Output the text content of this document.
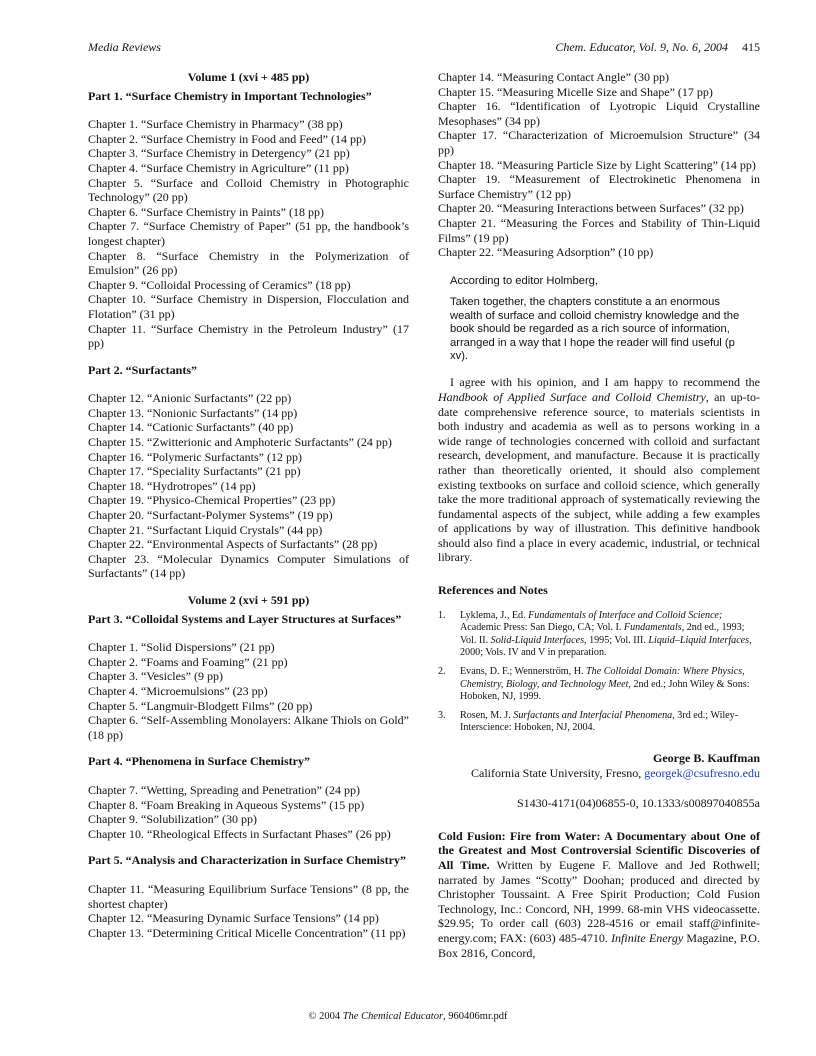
Media Reviews	Chem. Educator, Vol. 9, No. 6, 2004 415
Volume 1 (xvi + 485 pp)
Part 1. “Surface Chemistry in Important Technologies”
Chapter 1. “Surface Chemistry in Pharmacy” (38 pp)
Chapter 2. “Surface Chemistry in Food and Feed” (14 pp)
Chapter 3. “Surface Chemistry in Detergency” (21 pp)
Chapter 4. “Surface Chemistry in Agriculture” (11 pp)
Chapter 5. “Surface and Colloid Chemistry in Photographic Technology” (20 pp)
Chapter 6. “Surface Chemistry in Paints” (18 pp)
Chapter 7. “Surface Chemistry of Paper” (51 pp, the handbook’s longest chapter)
Chapter 8. “Surface Chemistry in the Polymerization of Emulsion” (26 pp)
Chapter 9. “Colloidal Processing of Ceramics” (18 pp)
Chapter 10. “Surface Chemistry in Dispersion, Flocculation and Flotation” (31 pp)
Chapter 11. “Surface Chemistry in the Petroleum Industry” (17 pp)
Part 2. “Surfactants”
Chapter 12. “Anionic Surfactants” (22 pp)
Chapter 13. “Nonionic Surfactants” (14 pp)
Chapter 14. “Cationic Surfactants” (40 pp)
Chapter 15. “Zwitterionic and Amphoteric Surfactants” (24 pp)
Chapter 16. “Polymeric Surfactants” (12 pp)
Chapter 17. “Speciality Surfactants” (21 pp)
Chapter 18. “Hydrotropes” (14 pp)
Chapter 19. “Physico-Chemical Properties” (23 pp)
Chapter 20. “Surfactant-Polymer Systems” (19 pp)
Chapter 21. “Surfactant Liquid Crystals” (44 pp)
Chapter 22. “Environmental Aspects of Surfactants” (28 pp)
Chapter 23. “Molecular Dynamics Computer Simulations of Surfactants” (14 pp)
Volume 2 (xvi + 591 pp)
Part 3. “Colloidal Systems and Layer Structures at Surfaces”
Chapter 1. “Solid Dispersions” (21 pp)
Chapter 2. “Foams and Foaming” (21 pp)
Chapter 3. “Vesicles” (9 pp)
Chapter 4. “Microemulsions” (23 pp)
Chapter 5. “Langmuir-Blodgett Films” (20 pp)
Chapter 6. “Self-Assembling Monolayers: Alkane Thiols on Gold” (18 pp)
Part 4. “Phenomena in Surface Chemistry”
Chapter 7. “Wetting, Spreading and Penetration” (24 pp)
Chapter 8. “Foam Breaking in Aqueous Systems” (15 pp)
Chapter 9. “Solubilization” (30 pp)
Chapter 10. “Rheological Effects in Surfactant Phases” (26 pp)
Part 5. “Analysis and Characterization in Surface Chemistry”
Chapter 11. “Measuring Equilibrium Surface Tensions” (8 pp, the shortest chapter)
Chapter 12. “Measuring Dynamic Surface Tensions” (14 pp)
Chapter 13. “Determining Critical Micelle Concentration” (11 pp)
Chapter 14. “Measuring Contact Angle” (30 pp)
Chapter 15. “Measuring Micelle Size and Shape” (17 pp)
Chapter 16. “Identification of Lyotropic Liquid Crystalline Mesophases” (34 pp)
Chapter 17. “Characterization of Microemulsion Structure” (34 pp)
Chapter 18. “Measuring Particle Size by Light Scattering” (14 pp)
Chapter 19. “Measurement of Electrokinetic Phenomena in Surface Chemistry” (12 pp)
Chapter 20. “Measuring Interactions between Surfaces” (32 pp)
Chapter 21. “Measuring the Forces and Stability of Thin-Liquid Films” (19 pp)
Chapter 22. “Measuring Adsorption” (10 pp)
According to editor Holmberg,
Taken together, the chapters constitute a an enormous wealth of surface and colloid chemistry knowledge and the book should be regarded as a rich source of information, arranged in a way that I hope the reader will find useful (p xv).

I agree with his opinion, and I am happy to recommend the Handbook of Applied Surface and Colloid Chemistry, an up-to-date comprehensive reference source, to materials scientists in both industry and academia as well as to persons working in a wide range of technologies concerned with colloid and surfactant research, development, and manufacture. Because it is practically rather than theoretically oriented, it should also complement existing textbooks on surface and colloid science, which generally take the more traditional approach of systematically reviewing the fundamental aspects of the subject, while adding a few examples of applications by way of illustration. This definitive handbook should also find a place in every academic, industrial, or technical library.

References and Notes
1.	Lyklema, J., Ed. Fundamentals of Interface and Colloid Science; Academic Press: San Diego, CA; Vol. I. Fundamentals, 2nd ed., 1993; Vol. II. Solid-Liquid Interfaces, 1995; Vol. III. Liquid–Liquid Interfaces, 2000; Vols. IV and V in preparation.
2.	Evans, D. F.; Wennerström, H. The Colloidal Domain: Where Physics, Chemistry, Biology, and Technology Meet, 2nd ed.; John Wiley & Sons: Hoboken, NJ, 1999.
3.	Rosen, M. J. Surfactants and Interfacial Phenomena, 3rd ed.; Wiley-Interscience: Hoboken, NJ, 2004.
George B. Kauffman
California State University, Fresno, georgek@csufresno.edu
S1430-4171(04)06855-0, 10.1333/s00897040855a
Cold Fusion: Fire from Water: A Documentary about One of the Greatest and Most Controversial Scientific Discoveries of All Time. Written by Eugene F. Mallove and Jed Rothwell; narrated by James “Scotty” Doohan; produced and directed by Christopher Toussaint. A Free Spirit Production; Cold Fusion Technology, Inc.: Concord, NH, 1999. 68-min VHS videocassette. $29.95; To order call (603) 228-4516 or email staff@infinite-energy.com; FAX: (603) 485-4710. Infinite Energy Magazine, P.O. Box 2816, Concord,
© 2004 The Chemical Educator, 960406mr.pdf
